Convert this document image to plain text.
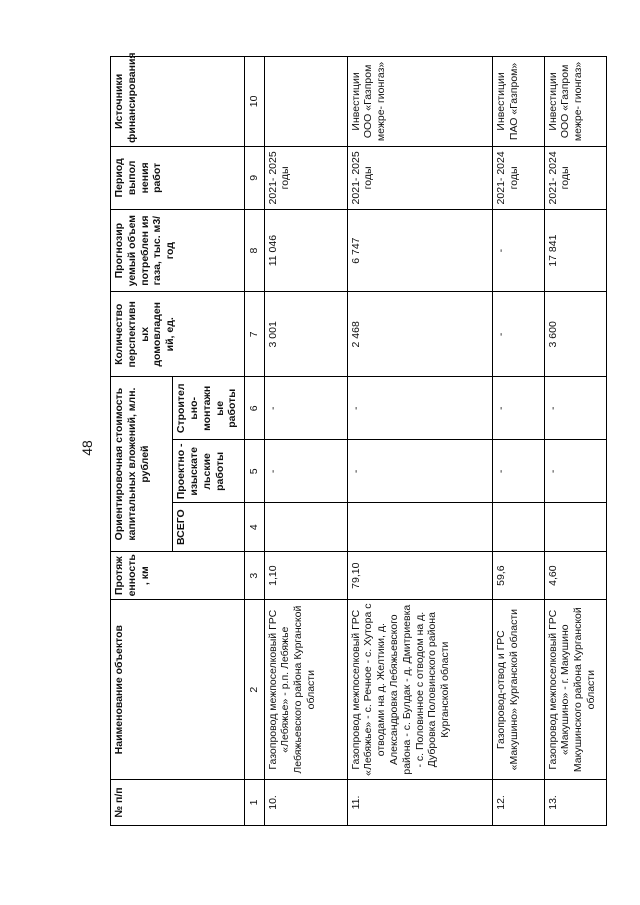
48
№ п/п	Наименование объектов	Протяж енность , км	Ориентировочная стоимость капитальных вложений, млн. рублей			Количество перспективн ых домовладен ий, ед.	Прогнозир уемый объем потреблен ия газа, тыс. м3/год	Период выпол нения работ	Источники финансирования
			ВСЕГО	Проектно - изыскате льские работы	Строител ьно- монтажн ые работы				
1	2	3	4	5	6	7	8	9	10
10.	Газопровод межпоселковый ГРС «Лебяжье» - р.п. Лебяжье Лебяжьевского района Курганской области	1,10		-	-	3 001	11 046	2021- 2025 годы	
11.	Газопровод межпоселковый ГРС «Лебяжье» - с. Речное - с. Хутора с отводами на д. Желтики, д. Александровка Лебяжьевского района - с. Булдак - д. Дмитриевка - с. Половинное с отводом на д. Дубровка Половинского района Курганской области	79,10		-	-	2 468	6 747	2021- 2025 годы	Инвестиции ООО «Газпром межре- гионгаз»
12.	Газопровод-отвод и ГРС «Макушино» Курганской области	59,6		-	-	-	-	2021- 2024 годы	Инвестиции ПАО «Газпром»
13.	Газопровод межпоселковый ГРС «Макушино» - г. Макушино Макушинского района Курганской области	4,60		-	-	3 600	17 841	2021- 2024 годы	Инвестиции ООО «Газпром межре- гионгаз»
